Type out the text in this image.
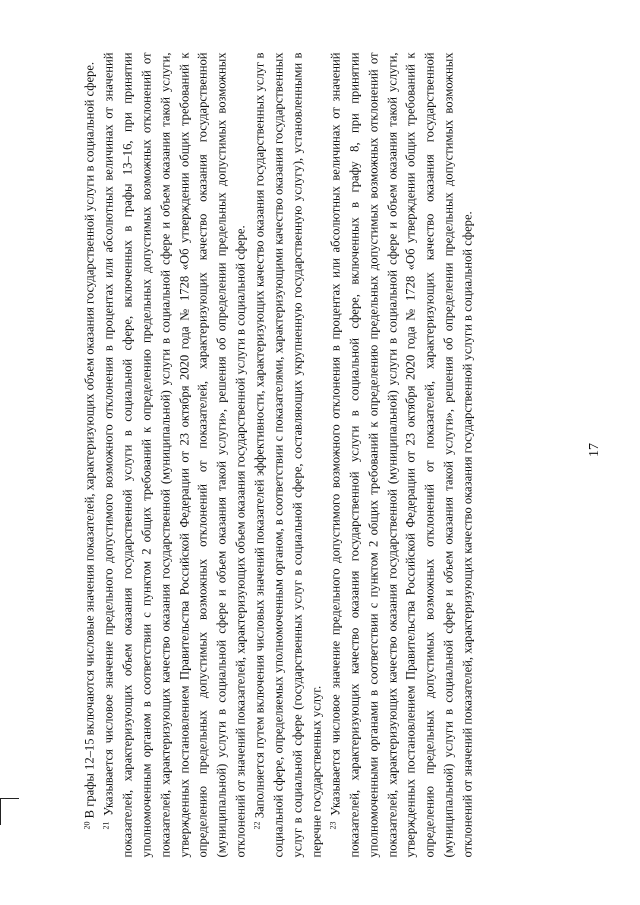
17

$^{20}$ В графы 12–15 включаются числовые значения показателей, характеризующих объем оказания государственной услуги в социальной сфере.

$^{21}$ Указывается числовое значение предельного допустимого возможного отклонения в процентах или абсолютных величинах от значений показателей, характеризующих объем оказания государственной услуги в социальной сфере, включенных в графы 13–16, при принятии уполномоченным органом в соответствии с пунктом 2 общих требований к определению предельных допустимых возможных отклонений от показателей, характеризующих качество оказания государственной (муниципальной) услуги в социальной сфере и объем оказания такой услуги, утвержденных постановлением Правительства Российской Федерации от 23 октября 2020 года № 1728 «Об утверждении общих требований к определению предельных допустимых возможных отклонений от показателей, характеризующих качество оказания государственной (муниципальной) услуги в социальной сфере и объем оказания такой услуги», решения об определении предельных допустимых возможных отклонений от значений показателей, характеризующих объем оказания государственной услуги в социальной сфере. $^{22}$ Заполняется путем включения числовых значений показателей эффективности, характеризующих качество оказания государственных услуг в социальной сфере, определяемых уполномоченным органом, в соответствии с показателями, характеризующими качество оказания государственных услуг в социальной сфере (государственных услуг в социальной сфере, составляющих укрупненную государственную услугу), установленными в перечне государственных услуг. $^{23}$ Указывается числовое значение предельного допустимого возможного отклонения в процентах или абсолютных величинах от значений показателей, характеризующих качество оказания государственной услуги в социальной сфере, включенных в графу 8, при принятии уполномоченными органами в соответствии с пунктом 2 общих требований к определению предельных допустимых возможных отклонений от показателей, характеризующих качество оказания государственной (муниципальной) услуги в социальной сфере и объем оказания такой услуги, утвержденных постановлением Правительства Российской Федерации от 23 октября 2020 года № 1728 «Об утверждении общих требований к определению предельных допустимых возможных отклонений от показателей, характеризующих качество оказания государственной (муниципальной) услуги в социальной сфере и объем оказания такой услуги», решения об определении предельных допустимых возможных отклонений от значений показателей, характеризующих качество оказания государственной услуги в социальной сфере.
